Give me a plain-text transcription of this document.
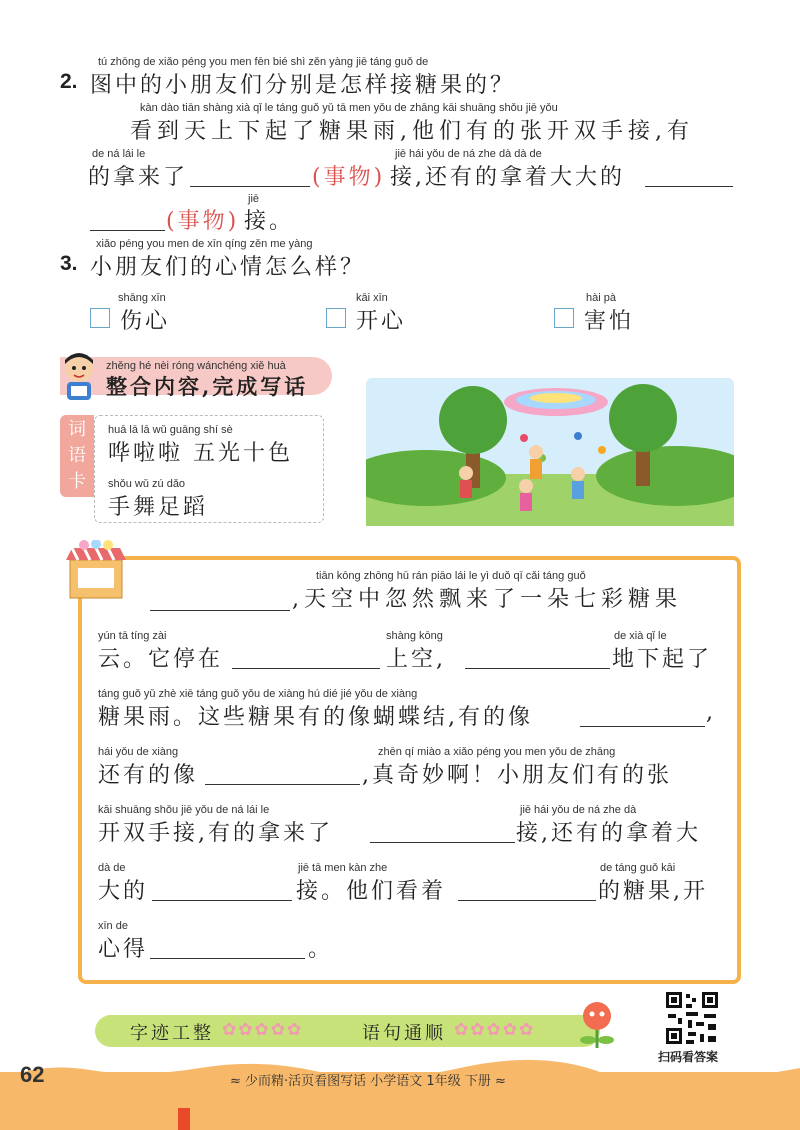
tú zhōng de xiǎo péng you men fēn bié shì zěn yàng jiē táng guǒ de
2. 图中的小朋友们分别是怎样接糖果的？
kàn dào tiān shàng xià qǐ le táng guǒ yǔ tā men yǒu de zhāng kāi shuāng shǒu jiē yǒu
看到天上下起了糖果雨,他们有的张开双手接,有
de ná lái le
的拿来了	(事物)
jiē hái yǒu de ná zhe dà dà de
接,还有的拿着大大的
(事物)
jiē
接。
xiǎo péng you men de xīn qíng zěn me yàng
3. 小朋友们的心情怎么样？
shāng xīn
伤心
kāi xīn
开心
hài pà
害怕
zhěng hé nèi róng wánchéng xiě huà
整合内容,完成写话
词
语
卡
huā lā lā wǔ guāng shí sè
哗啦啦 五光十色
shǒu wǔ zú dǎo
手舞足蹈
tiān kōng zhōng hū rán piāo lái le yì duǒ qī cǎi táng guǒ
,天空中忽然飘来了一朵七彩糖果
yún tā tíng zài
云。它停在
shàng kōng
上空,
de xià qǐ le
地下起了
táng guǒ yǔ zhè xiē táng guǒ yǒu de xiàng hú dié jié yǒu de xiàng
糖果雨。这些糖果有的像蝴蝶结,有的像	,
hái yǒu de xiàng
还有的像
zhēn qí miào a xiǎo péng you men yǒu de zhāng
,真奇妙啊！小朋友们有的张
kāi shuāng shǒu jiē yǒu de ná lái le
开双手接,有的拿来了
jiē hái yǒu de ná zhe dà
接,还有的拿着大
dà de
大的
jiē tā men kàn zhe
接。他们看着
de táng guǒ kāi
的糖果,开
xīn de
心得	。
字迹工整 ✿✿✿✿✿	语句通顺 ✿✿✿✿✿
扫码看答案
62	≈ 少而精·活页看图写话 小学语文 1年级 下册 ≈
